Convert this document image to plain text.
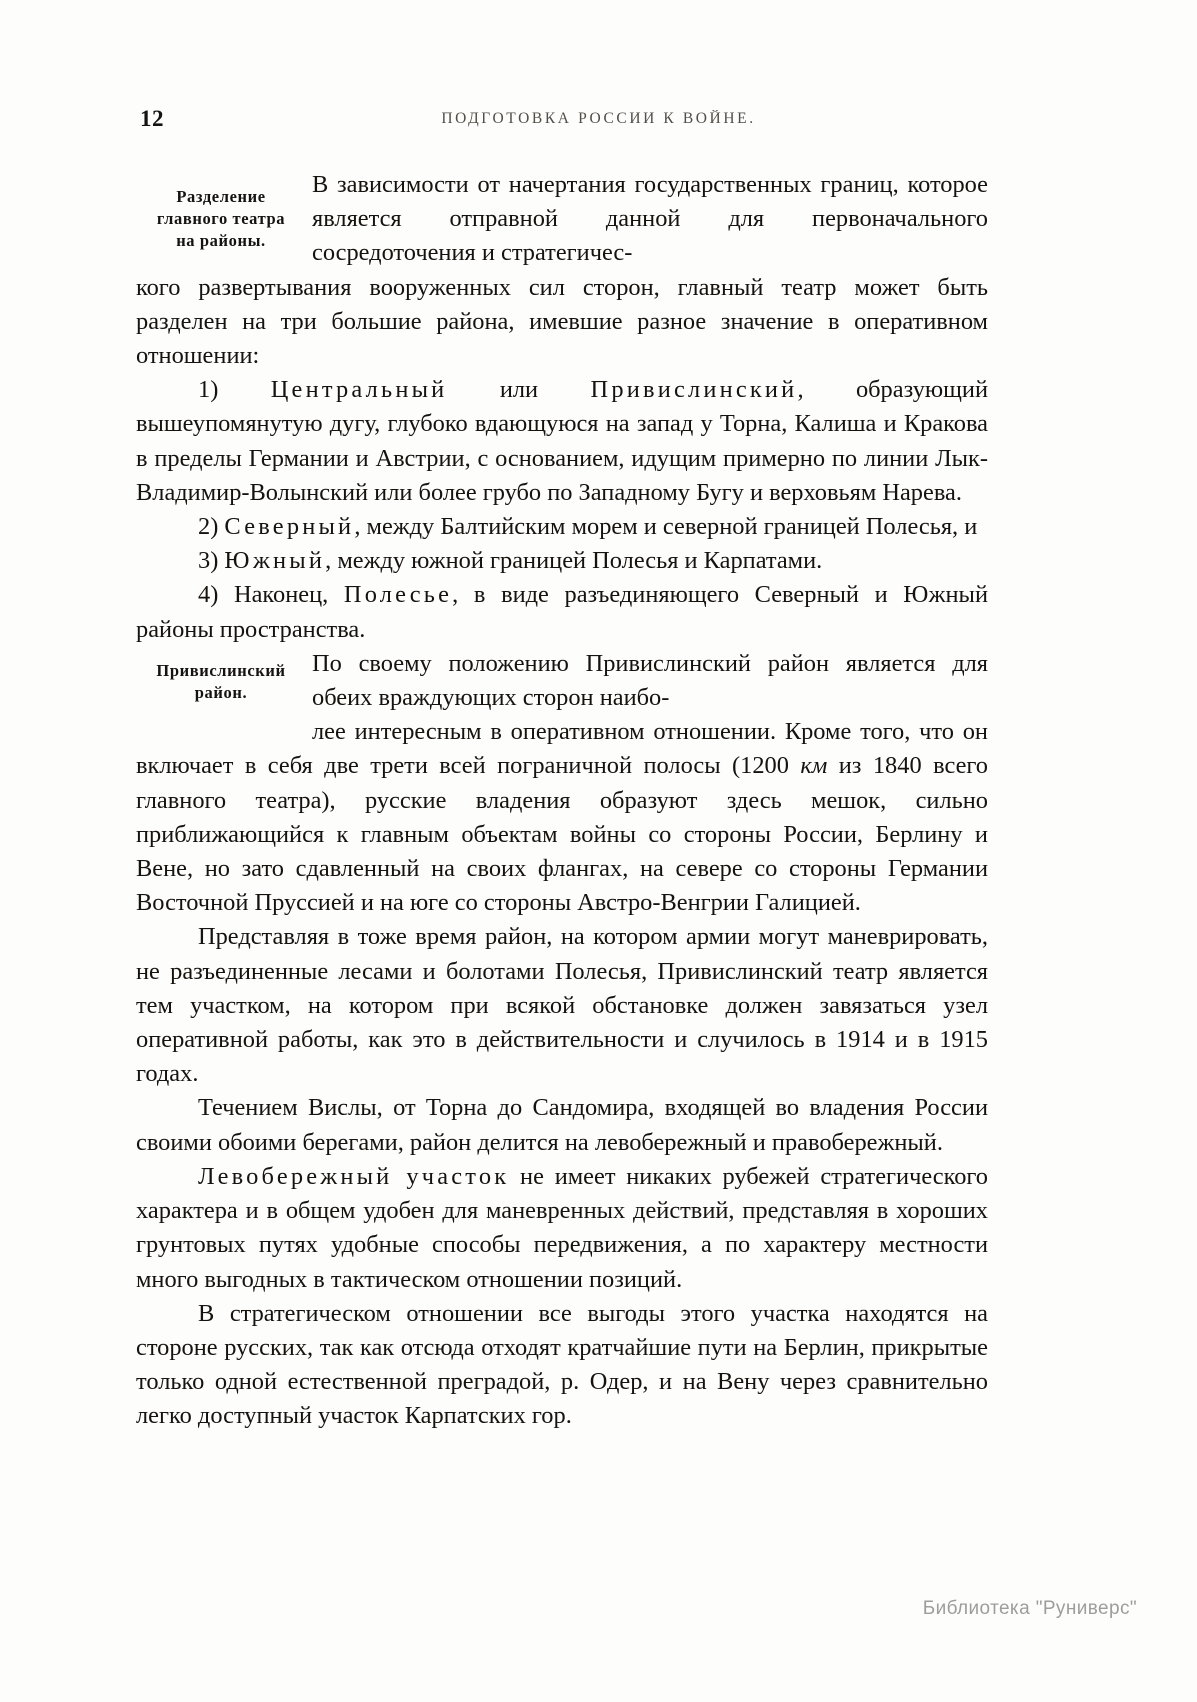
12	ПОДГОТОВКА РОССИИ К ВОЙНЕ.
Разделение
главного театра
на районы.
Привислинский
район.

В зависимости от начертания государственных границ, которое является отправной данной для первоначального сосредоточения и стратегичес-

кого развертывания вооруженных сил сторон, главный театр может быть разделен на три большие района, имевшие разное значение в оперативном отношении:

1) Центральный или Привислинский, образующий вышеупомянутую дугу, глубоко вдающуюся на запад у Торна, Калиша и Кракова в пределы Германии и Австрии, с основанием, идущим примерно по линии Лык-Владимир-Волынский или более грубо по Западному Бугу и верховьям Нарева.

2) Северный, между Балтийским морем и северной границей Полесья, и

3) Южный, между южной границей Полесья и Карпатами.

4) Наконец, Полесье, в виде разъединяющего Северный и Южный районы пространства.

По своему положению Привислинский район является для обеих враждующих сторон наибо-

лее интересным в оперативном отношении. Кроме того, что он включает в себя две трети всей пограничной полосы (1200 км из 1840 всего главного театра), русские владения образуют здесь мешок, сильно приближающийся к главным объектам войны со стороны России, Берлину и Вене, но зато сдавленный на своих флангах, на севере со стороны Германии Восточной Пруссией и на юге со стороны Австро-Венгрии Галицией.

Представляя в тоже время район, на котором армии могут маневрировать, не разъединенные лесами и болотами Полесья, Привислинский театр является тем участком, на котором при всякой обстановке должен завязаться узел оперативной работы, как это в действительности и случилось в 1914 и в 1915 годах.

Течением Вислы, от Торна до Сандомира, входящей во владения России своими обоими берегами, район делится на левобережный и правобережный.

Левобережный участок не имеет никаких рубежей стратегического характера и в общем удобен для маневренных действий, представляя в хороших грунтовых путях удобные способы передвижения, а по характеру местности много выгодных в тактическом отношении позиций.

В стратегическом отношении все выгоды этого участка находятся на стороне русских, так как отсюда отходят кратчайшие пути на Берлин, прикрытые только одной естественной преградой, р. Одер, и на Вену через сравнительно легко доступный участок Карпатских гор.

Библиотека "Руниверс"
